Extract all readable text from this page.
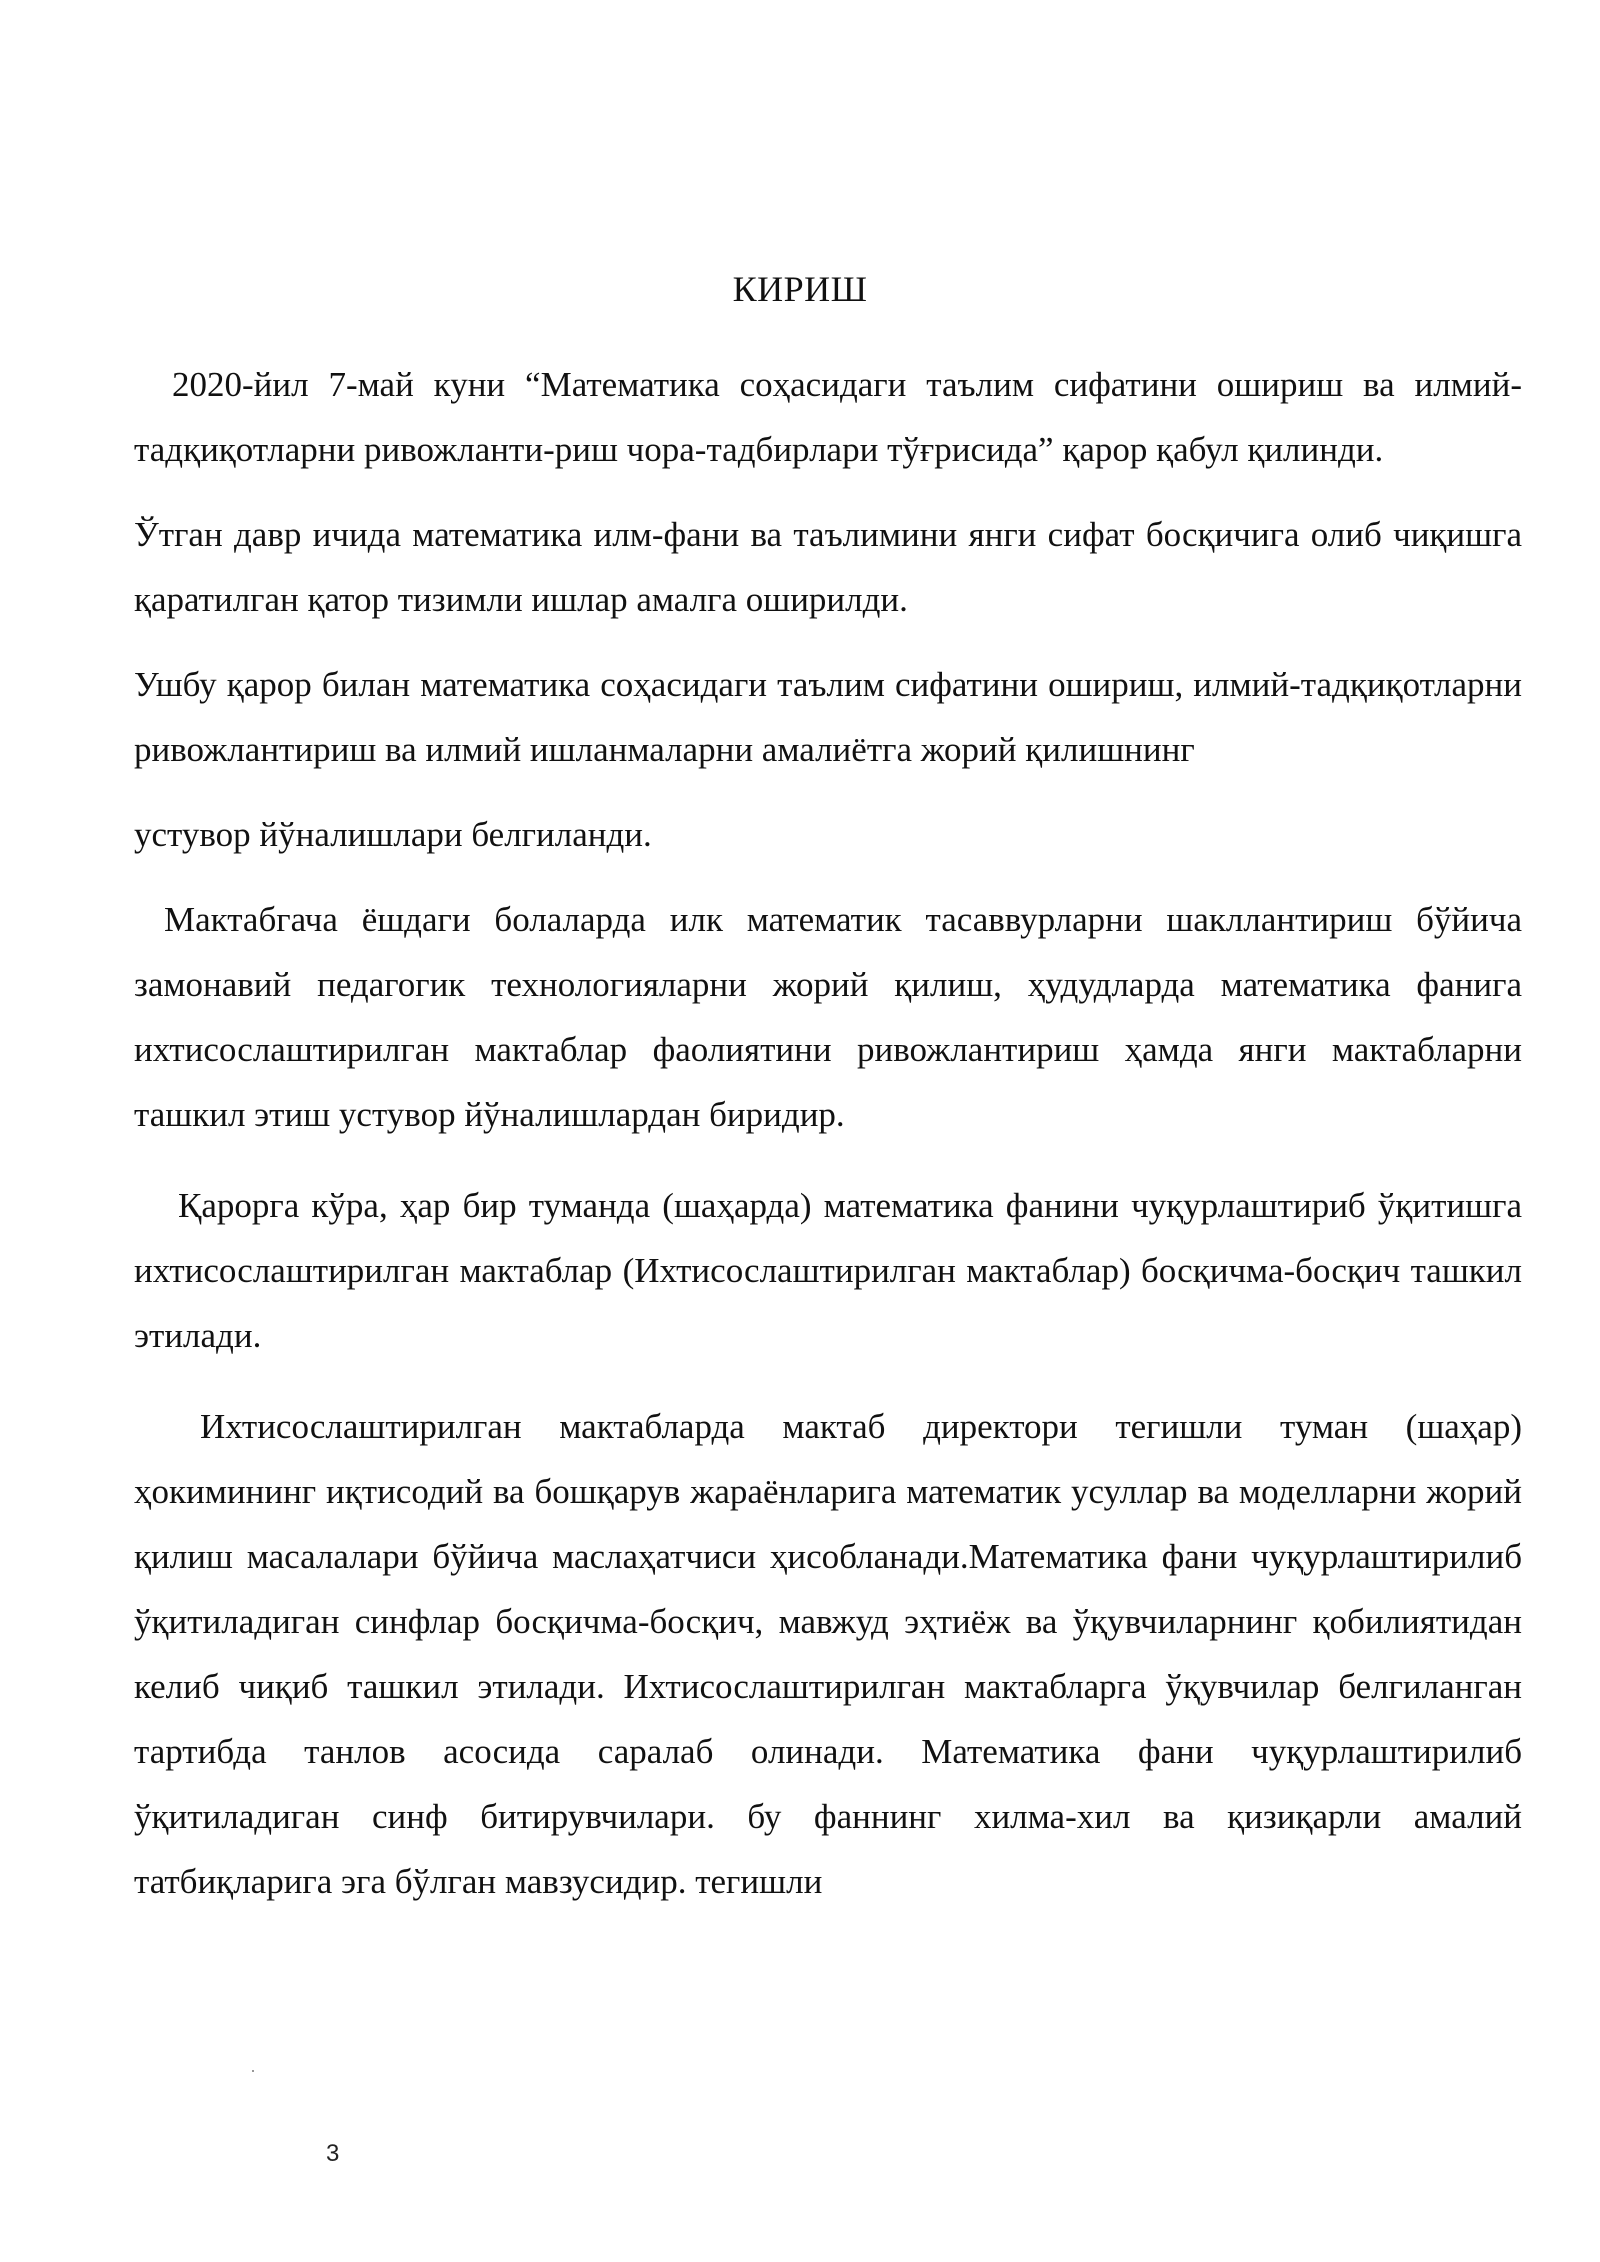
КИРИШ

2020-йил 7-май куни “Математика соҳасидаги таълим сифатини ошириш ва илмий-тадқиқотларни ривожланти-риш чора-тадбирлари тўғрисида” қарор қабул қилинди.

Ўтган давр ичида математика илм-фани ва таълимини янги сифат босқичига олиб чиқишга қаратилган қатор тизимли ишлар амалга оширилди.

Ушбу қарор билан математика соҳасидаги таълим сифатини ошириш, илмий-тадқиқотларни ривожлантириш ва илмий ишланмаларни амалиётга жорий қилишнинг

устувор йўналишлари белгиланди.

Мактабгача ёшдаги болаларда илк математик тасаввурларни шакллантириш бўйича замонавий педагогик технологияларни жорий қилиш, ҳудудларда математика фанига ихтисослаштирилган мактаблар фаолиятини ривожлантириш ҳамда янги мактабларни ташкил этиш устувор йўналишлардан биридир.

Қарорга кўра, ҳар бир туманда (шаҳарда) математика фанини чуқурлаштириб ўқитишга ихтисослаштирилган мактаблар (Ихтисослаштирилган мактаблар) босқичма-босқич ташкил этилади.

Ихтисослаштирилган мактабларда мактаб директори тегишли туман (шаҳар) ҳокимининг иқтисодий ва бошқарув жараёнларига математик усуллар ва моделларни жорий қилиш масалалари бўйича маслаҳатчиси ҳисобланади.Математика фани чуқурлаштирилиб ўқитиладиган синфлар босқичма-босқич, мавжуд эҳтиёж ва ўқувчиларнинг қобилиятидан келиб чиқиб ташкил этилади. Ихтисослаштирилган мактабларга ўқувчилар белгиланган тартибда танлов асосида саралаб олинади. Математика фани чуқурлаштирилиб ўқитиладиган синф битирувчилари. бу фаннинг хилма-хил ва қизиқарли амалий татбиқларига эга бўлган мавзусидир. тегишли

3
